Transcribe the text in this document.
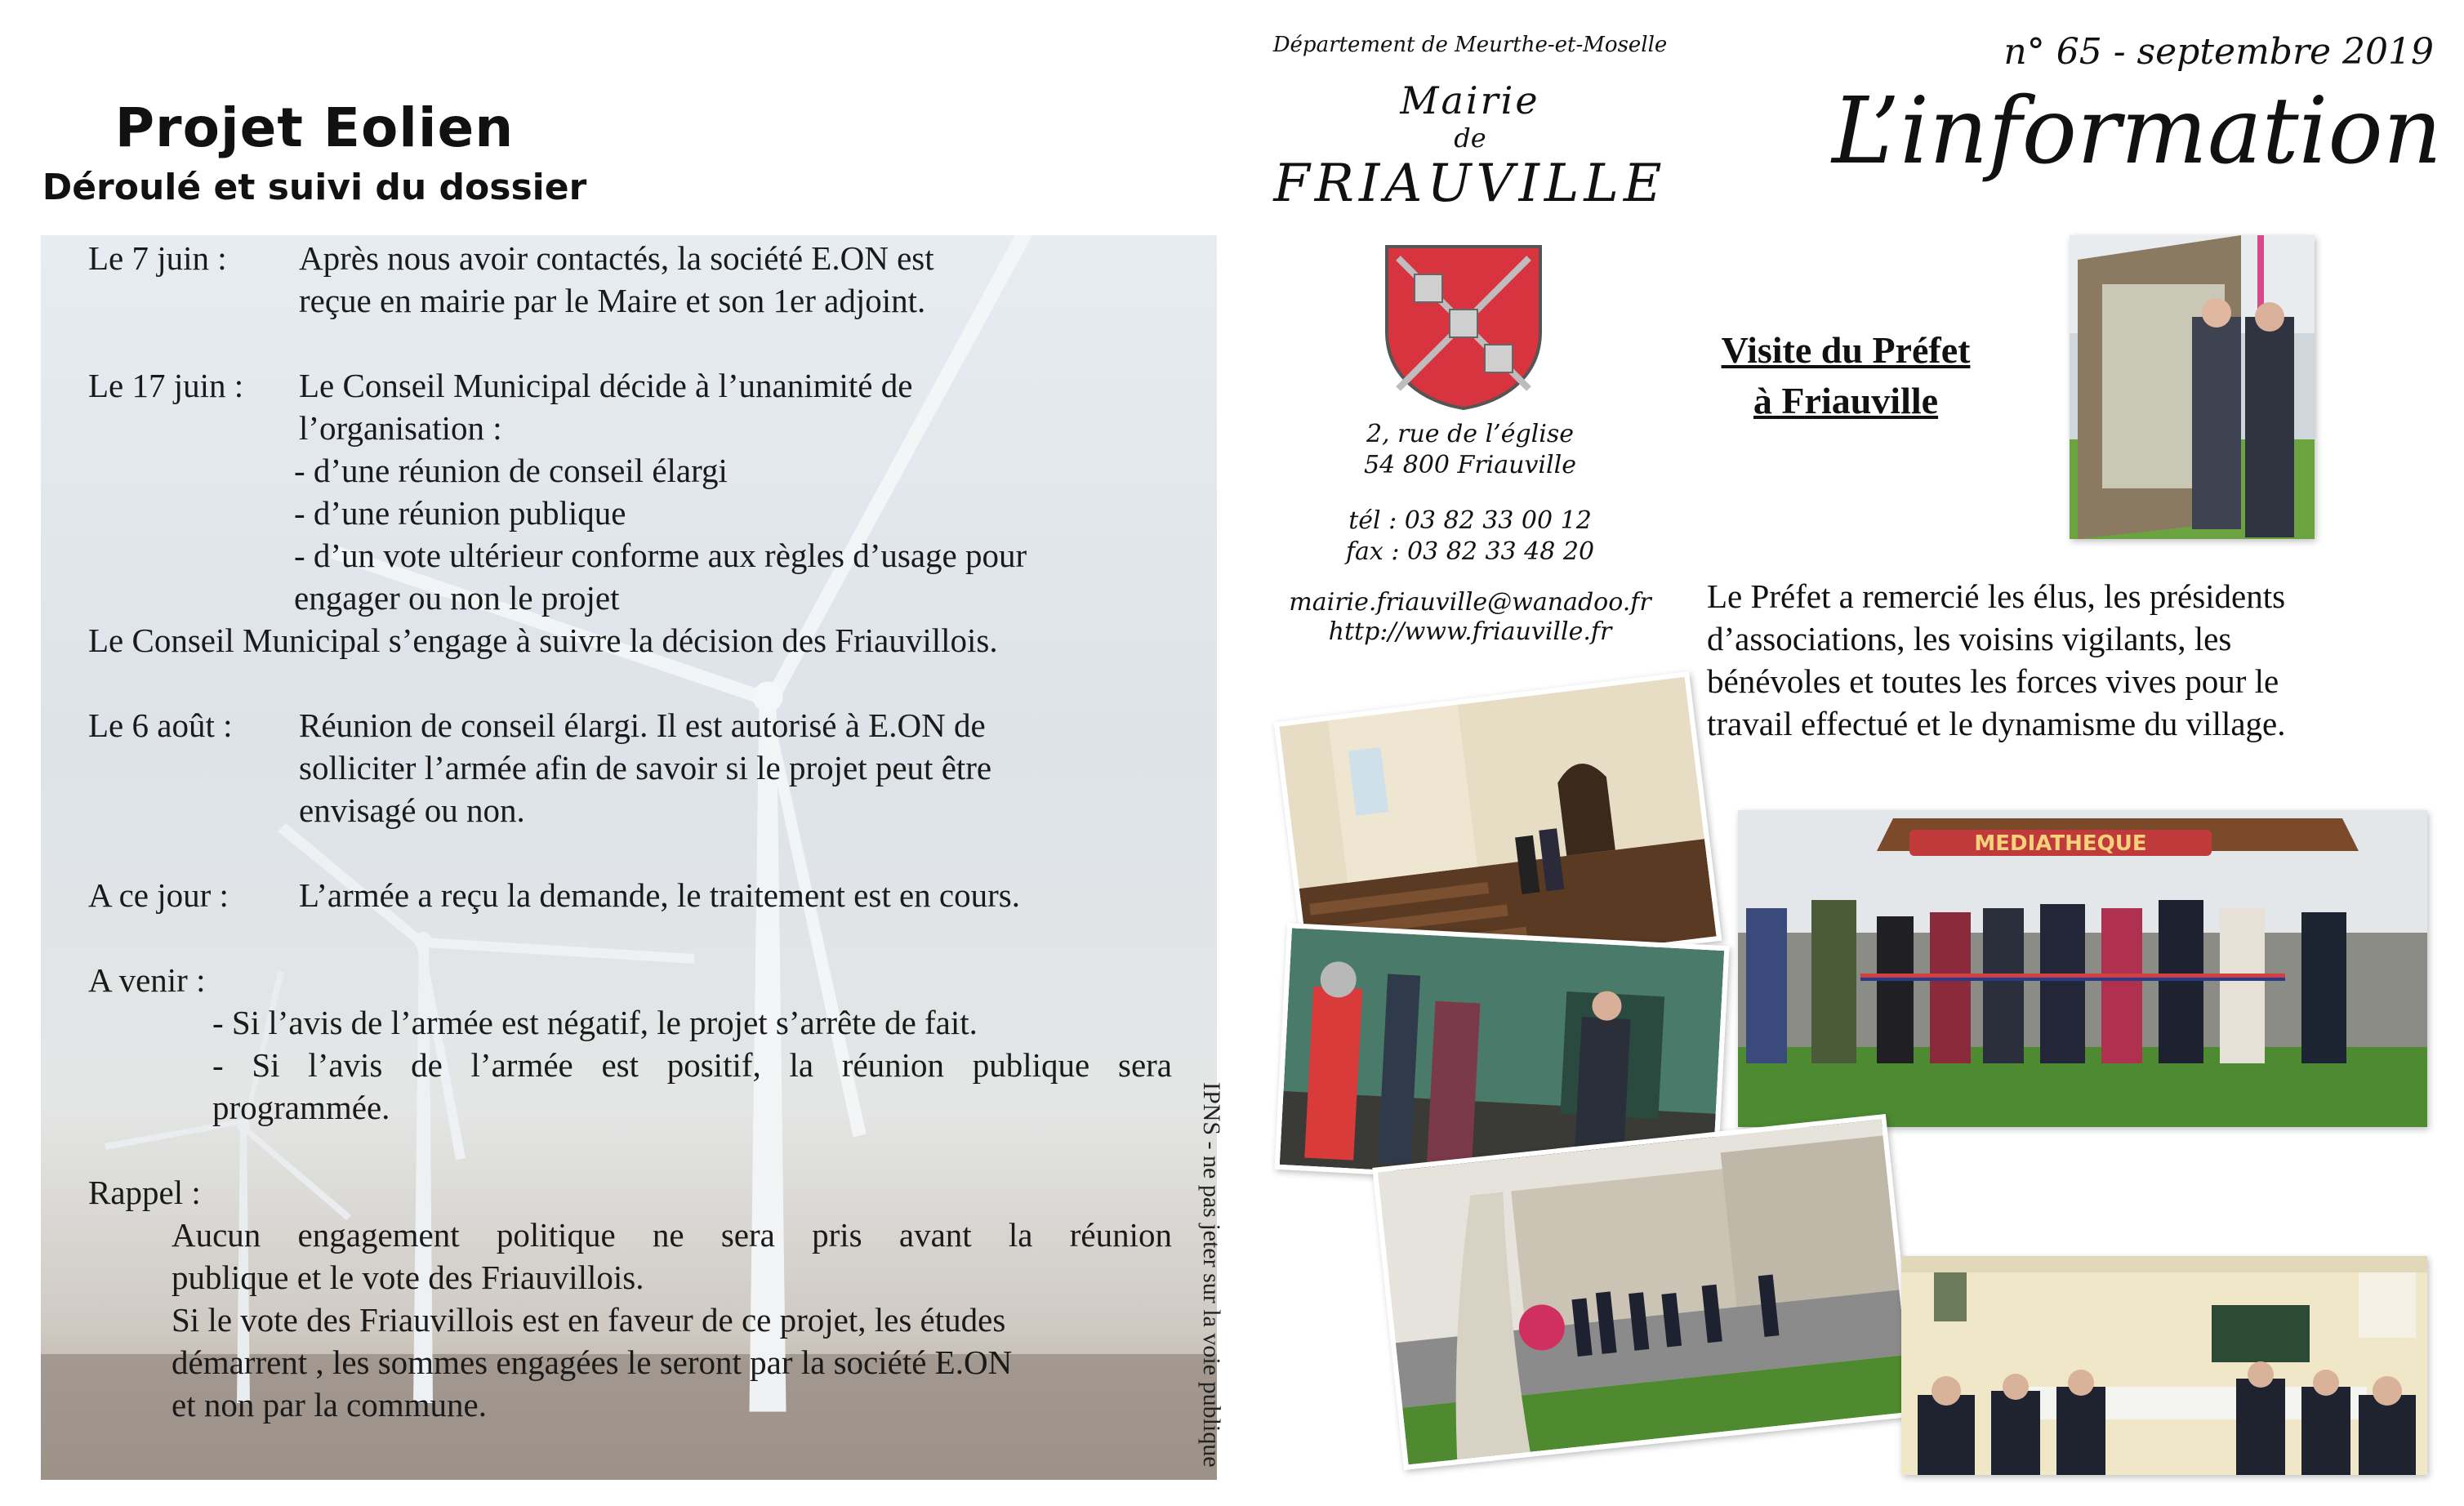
Projet Eolien
Déroulé et suivi du dossier
Le 7 juin : Après nous avoir contactés, la société E.ON est
reçue en mairie par le Maire et son 1er adjoint.
Le 17 juin : Le Conseil Municipal décide à l’unanimité de
l’organisation :
- d’une réunion de conseil élargi
- d’une réunion publique
- d’un vote ultérieur conforme aux règles d’usage pour
engager ou non le projet
Le Conseil Municipal s’engage à suivre la décision des Friauvillois.
Le 6 août : Réunion de conseil élargi. Il est autorisé à E.ON de
solliciter l’armée afin de savoir si le projet peut être
envisagé ou non.
A ce jour : L’armée a reçu la demande, le traitement est en cours.
A venir :
- Si l’avis de l’armée est négatif, le projet s’arrête de fait.
- Si l’avis de l’armée est positif, la réunion publique sera
programmée.
Rappel :
Aucun engagement politique ne sera pris avant la réunion
publique et le vote des Friauvillois.
Si le vote des Friauvillois est en faveur de ce projet, les études
démarrent , les sommes engagées le seront par la société E.ON
et non par la commune.	IPNS - ne pas jeter sur la voie publique
Département de Meurthe-et-Moselle
Mairie
de
FRIAUVILLE
2, rue de l’église
54 800 Friauville
tél : 03 82 33 00 12
fax : 03 82 33 48 20
mairie.friauville@wanadoo.fr
http://www.friauville.fr
n° 65 - septembre 2019
L’information
Visite du Préfet
à Friauville
Le Préfet a remercié les élus, les présidents
d’associations, les voisins vigilants, les
bénévoles et toutes les forces vives pour le
travail effectué et le dynamisme du village.
MEDIATHEQUE
